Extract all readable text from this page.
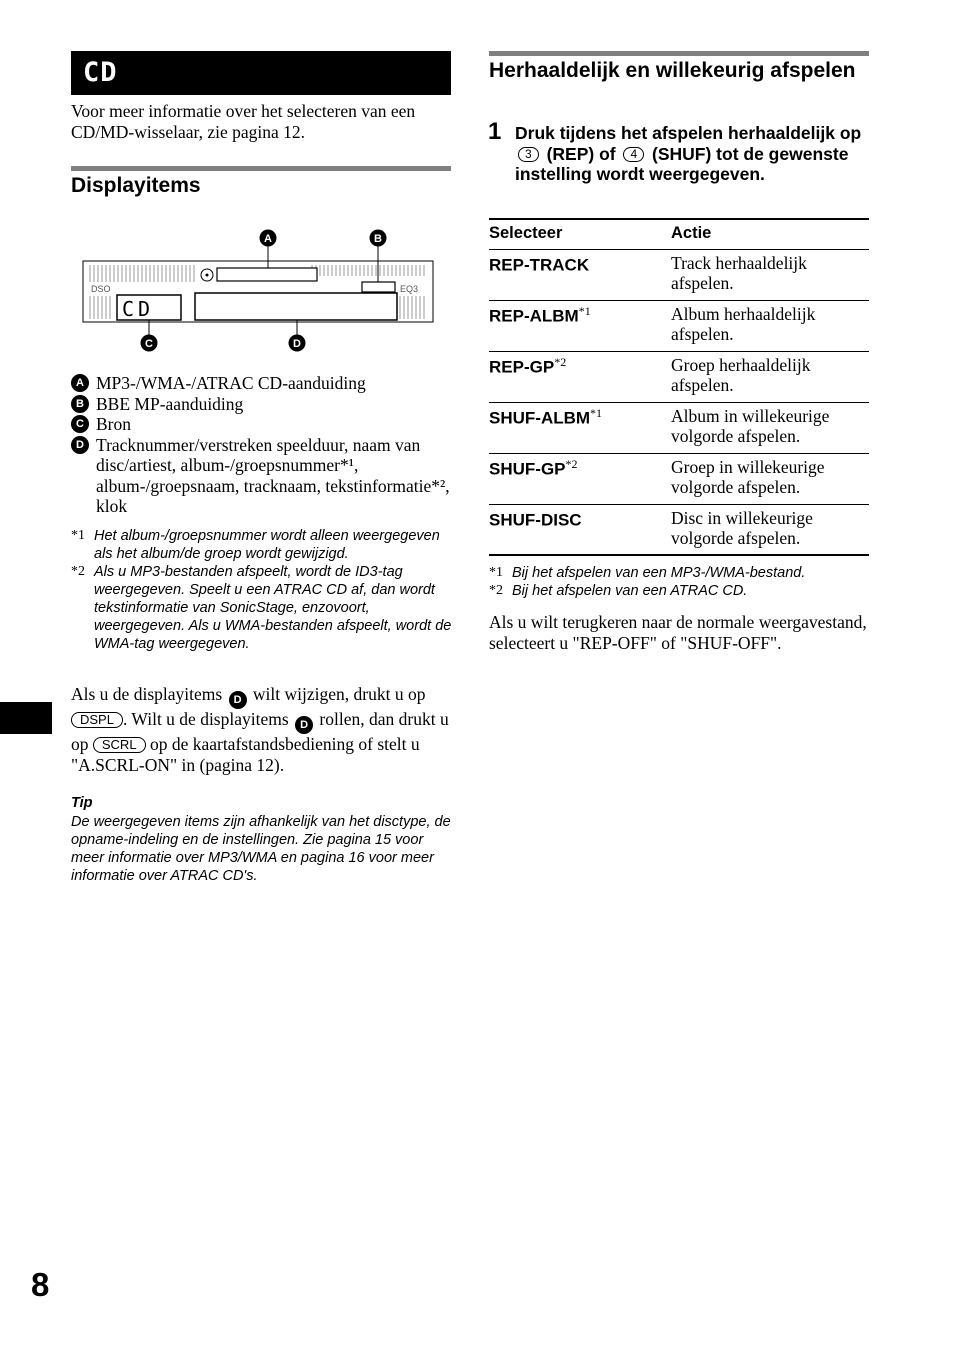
CD
Voor meer informatie over het selecteren van een CD/MD-wisselaar, zie pagina 12.
Displayitems
DSO	EQ3
CD
A	B
C	D
A MP3-/WMA-/ATRAC CD-aanduiding
B BBE MP-aanduiding
C Bron
D Tracknummer/verstreken speelduur, naam van disc/artiest, album-/groepsnummer*¹, album-/groepsnaam, tracknaam, tekstinformatie*², klok
*1 Het album-/groepsnummer wordt alleen weergegeven als het album/de groep wordt gewijzigd.
*2 Als u MP3-bestanden afspeelt, wordt de ID3-tag weergegeven. Speelt u een ATRAC CD af, dan wordt tekstinformatie van SonicStage, enzovoort, weergegeven. Als u WMA-bestanden afspeelt, wordt de WMA-tag weergegeven.
Als u de displayitems D wilt wijzigen, drukt u op DSPL . Wilt u de displayitems D rollen, dan drukt u op SCRL op de kaartafstandsbediening of stelt u "A.SCRL-ON" in (pagina 12).
Tip
De weergegeven items zijn afhankelijk van het disctype, de opname-indeling en de instellingen. Zie pagina 15 voor meer informatie over MP3/WMA en pagina 16 voor meer informatie over ATRAC CD's.
8
Herhaaldelijk en willekeurig afspelen
1 Druk tijdens het afspelen herhaaldelijk op 3 (REP) of 4 (SHUF) tot de gewenste instelling wordt weergegeven.
Selecteer	Actie
REP-TRACK	Track herhaaldelijk afspelen.
REP-ALBM$^{*1}$	Album herhaaldelijk afspelen.
REP-GP$^{*2}$	Groep herhaaldelijk afspelen.
SHUF-ALBM$^{*1}$	Album in willekeurige volgorde afspelen.
SHUF-GP$^{*2}$	Groep in willekeurige volgorde afspelen.
SHUF-DISC	Disc in willekeurige volgorde afspelen.
*1 Bij het afspelen van een MP3-/WMA-bestand.
*2 Bij het afspelen van een ATRAC CD.
Als u wilt terugkeren naar de normale weergavestand, selecteert u "REP-OFF" of "SHUF-OFF".
